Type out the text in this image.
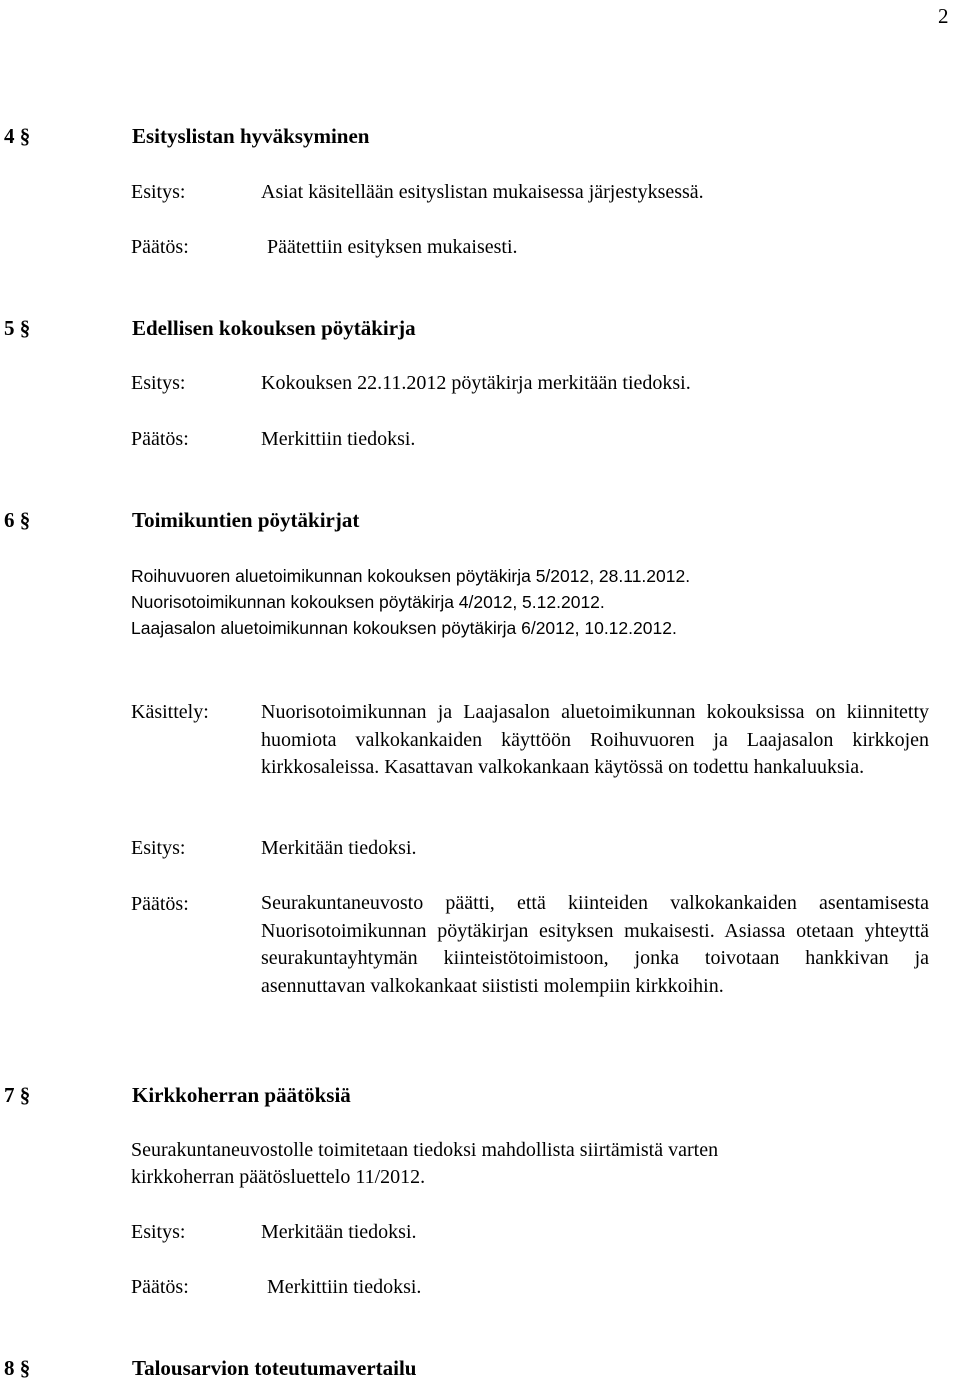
2
4 §	Esityslistan hyväksyminen
Esitys:	Asiat käsitellään esityslistan mukaisessa järjestyksessä.
Päätös:	Päätettiin esityksen mukaisesti.
5 §	Edellisen kokouksen pöytäkirja
Esitys:	Kokouksen 22.11.2012 pöytäkirja merkitään tiedoksi.
Päätös:	Merkittiin tiedoksi.
6 §	Toimikuntien pöytäkirjat
Roihuvuoren aluetoimikunnan kokouksen pöytäkirja 5/2012, 28.11.2012.
Nuorisotoimikunnan kokouksen pöytäkirja 4/2012, 5.12.2012.
Laajasalon aluetoimikunnan kokouksen pöytäkirja 6/2012, 10.12.2012.
Käsittely:	Nuorisotoimikunnan ja Laajasalon aluetoimikunnan kokouksissa on kiinnitetty huomiota valkokankaiden käyttöön Roihuvuoren ja Laajasalon kirkkojen kirkkosaleissa. Kasattavan valkokankaan käytössä on todettu hankaluuksia.
Esitys:	Merkitään tiedoksi.
Päätös:	Seurakuntaneuvosto päätti, että kiinteiden valkokankaiden asentamisesta Nuorisotoimikunnan pöytäkirjan esityksen mukaisesti. Asiassa otetaan yhteyttä seurakuntayhtymän kiinteistötoimistoon, jonka toivotaan hankkivan ja asennuttavan valkokankaat siististi molempiin kirkkoihin.
7 §	Kirkkoherran päätöksiä
Seurakuntaneuvostolle toimitetaan tiedoksi mahdollista siirtämistä varten
kirkkoherran päätösluettelo 11/2012.
Esitys:	Merkitään tiedoksi.
Päätös:	Merkittiin tiedoksi.
8 §	Talousarvion toteutumavertailu
